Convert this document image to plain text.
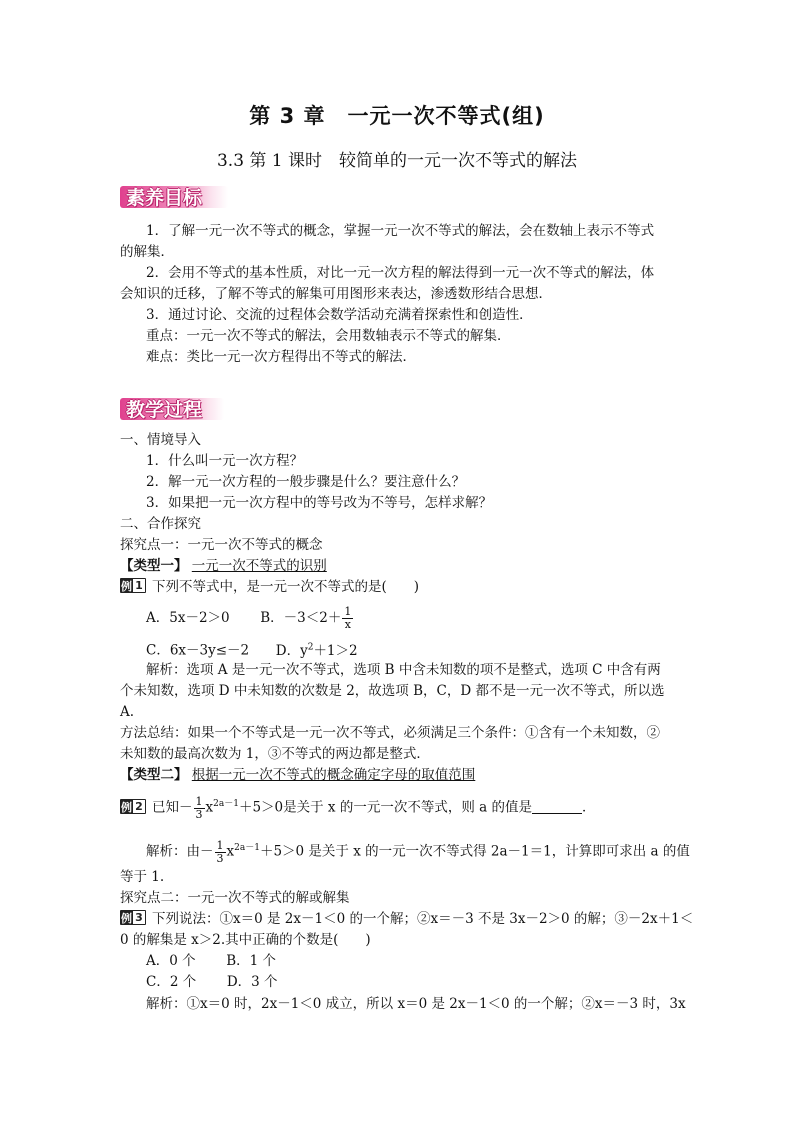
第 3 章　一元一次不等式(组)
3.3 第 1 课时　较简单的一元一次不等式的解法
素养目标
1．了解一元一次不等式的概念，掌握一元一次不等式的解法，会在数轴上表示不等式
的解集．
2．会用不等式的基本性质，对比一元一次方程的解法得到一元一次不等式的解法，体
会知识的迁移，了解不等式的解集可用图形来表达，渗透数形结合思想．
3．通过讨论、交流的过程体会数学活动充满着探索性和创造性．
重点：一元一次不等式的解法，会用数轴表示不等式的解集．
难点：类比一元一次方程得出不等式的解法．
教学过程
一、情境导入
1．什么叫一元一次方程？
2．解一元一次方程的一般步骤是什么？要注意什么？
3．如果把一元一次方程中的等号改为不等号，怎样求解？
二、合作探究
探究点一：一元一次不等式的概念
【类型一】 一元一次不等式的识别
例 1 下列不等式中，是一元一次不等式的是(　　)
A．5x－2＞0 B．$-3<2+ \frac{1}{x}$
C．6x－3y≤－2 D．$y^2+1>2$
解析：选项 A 是一元一次不等式，选项 B 中含未知数的项不是整式，选项 C 中含有两
个未知数，选项 D 中未知数的次数是 2，故选项 B，C，D 都不是一元一次不等式，所以选
A.
方法总结：如果一个不等式是一元一次不等式，必须满足三个条件：①含有一个未知数，②
未知数的最高次数为 1，③不等式的两边都是整式．
【类型二】 根据一元一次不等式的概念确定字母的取值范围
例 2 已知－ $\frac{1}{3} x^{2a-1}+5>0$是关于 x 的一元一次不等式，则 a 的值是	．
解析：由－ $\frac{1}{3} x^{2a-1}+5>0$ 是关于 x 的一元一次不等式得 2a－1＝1，计算即可求出 a 的值
等于 1.
探究点二：一元一次不等式的解或解集
例 3 下列说法：①x＝0 是 2x－1＜0 的一个解；②x＝－3 不是 3x－2＞0 的解；③－2x＋1＜
0 的解集是 x＞2.其中正确的个数是(　　)
A．0 个 B．1 个
C．2 个 D．3 个
解析：①x＝0 时，2x－1＜0 成立，所以 x＝0 是 2x－1＜0 的一个解；②x＝－3 时，3x
